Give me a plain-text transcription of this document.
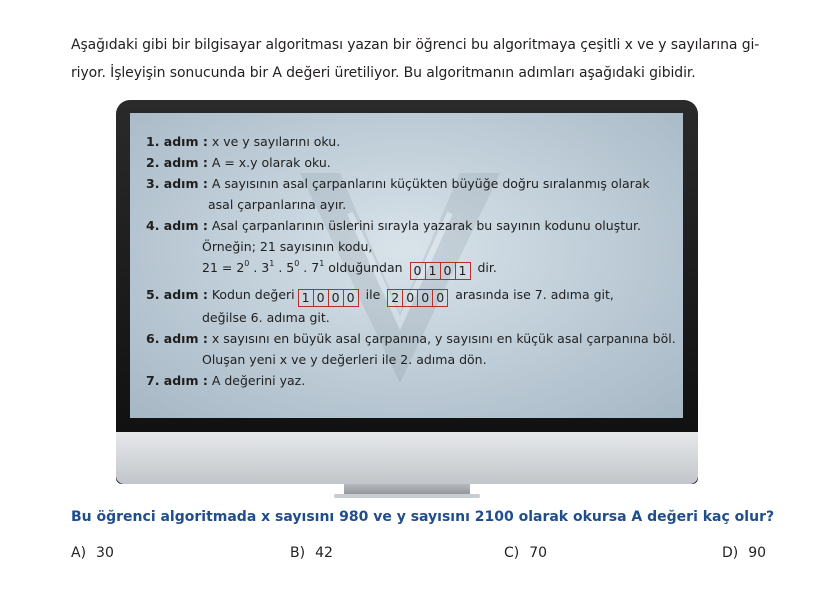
Aşağıdaki gibi bir bilgisayar algoritması yazan bir öğrenci bu algoritmaya çeşitli x ve y sayılarına gi-
riyor. İşleyişin sonucunda bir A değeri üretiliyor. Bu algoritmanın adımları aşağıdaki gibidir.
1. adım : x ve y sayılarını oku.
2. adım : A = x.y olarak oku.
3. adım : A sayısının asal çarpanlarını küçükten büyüğe doğru sıralanmış olarak
asal çarpanlarına ayır.
4. adım : Asal çarpanlarının üslerini sırayla yazarak bu sayının kodunu oluştur.
Örneğin; 21 sayısının kodu,
$21 = 2^0$ . $3^1$ . $5^0$ . $7^1$ olduğundan 0 1 0 1 dir.
5. adım : Kodun değeri 1 0 0 0 ile 2 0 0 0 arasında ise 7. adıma git,
değilse 6. adıma git.
6. adım : x sayısını en büyük asal çarpanına, y sayısını en küçük asal çarpanına böl.
Oluşan yeni x ve y değerleri ile 2. adıma dön.
7. adım : A değerini yaz.
Bu öğrenci algoritmada x sayısını 980 ve y sayısını 2100 olarak okursa A değeri kaç olur?
A) 30	B) 42	C) 70	D) 90
